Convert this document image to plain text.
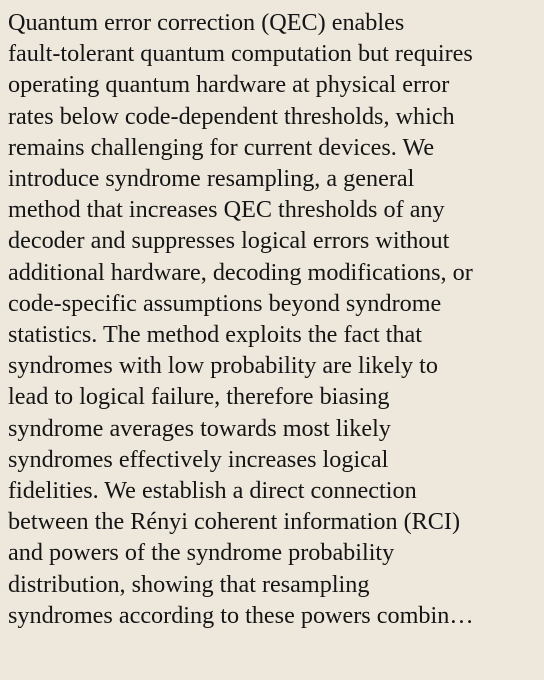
Quantum error correction (QEC) enables
fault-tolerant quantum computation but requires
operating quantum hardware at physical error
rates below code-dependent thresholds, which
remains challenging for current devices. We
introduce syndrome resampling, a general
method that increases QEC thresholds of any
decoder and suppresses logical errors without
additional hardware, decoding modifications, or
code-specific assumptions beyond syndrome
statistics. The method exploits the fact that
syndromes with low probability are likely to
lead to logical failure, therefore biasing
syndrome averages towards most likely
syndromes effectively increases logical
fidelities. We establish a direct connection
between the Rényi coherent information (RCI)
and powers of the syndrome probability
distribution, showing that resampling
syndromes according to these powers combin…
